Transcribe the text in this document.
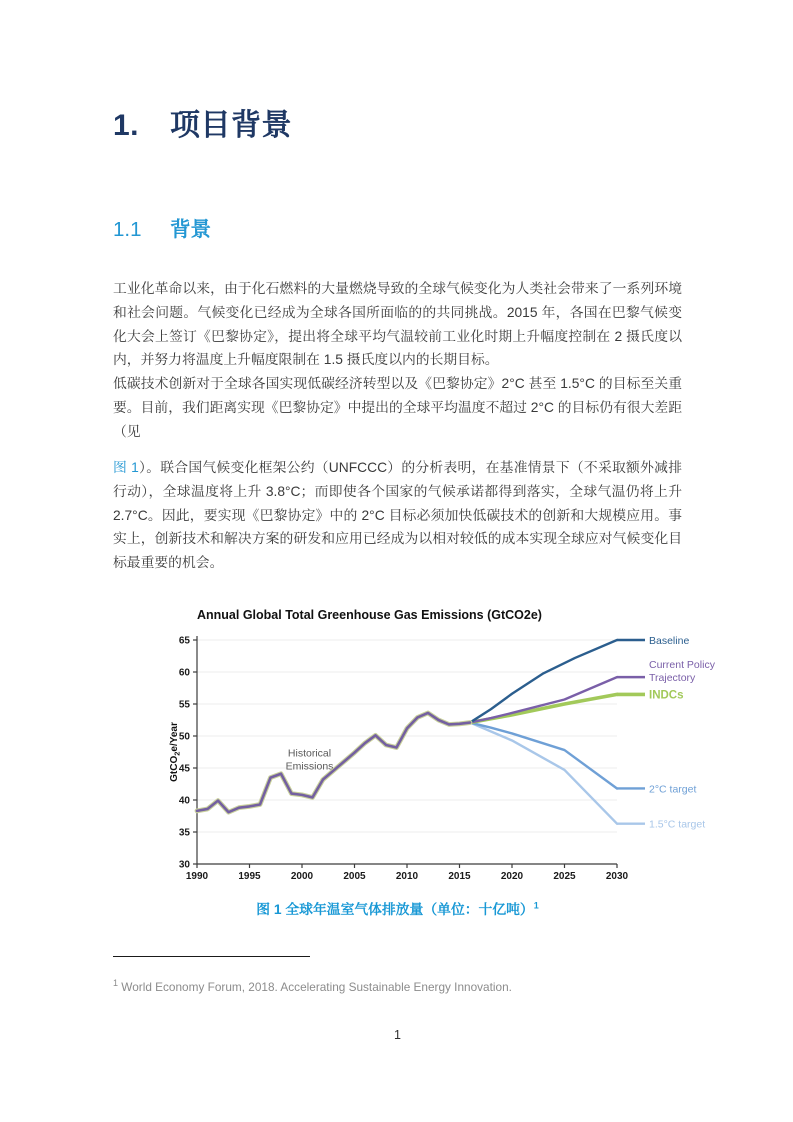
1. 项目背景
1.1 背景

工业化革命以来，由于化石燃料的大量燃烧导致的全球气候变化为人类社会带来了一系列环境和社会问题。气候变化已经成为全球各国所面临的的共同挑战。2015 年，各国在巴黎气候变化大会上签订《巴黎协定》，提出将全球平均气温较前工业化时期上升幅度控制在 2 摄氏度以内，并努力将温度上升幅度限制在 1.5 摄氏度以内的长期目标。

低碳技术创新对于全球各国实现低碳经济转型以及《巴黎协定》2°C 甚至 1.5°C 的目标至关重要。目前，我们距离实现《巴黎协定》中提出的全球平均温度不超过 2°C 的目标仍有很大差距（见

图 1）。联合国气候变化框架公约（UNFCCC）的分析表明，在基准情景下（不采取额外减排行动），全球温度将上升 3.8°C；而即使各个国家的气候承诺都得到落实，全球气温仍将上升 2.7°C。因此，要实现《巴黎协定》中的 2°C 目标必须加快低碳技术的创新和大规模应用。事实上，创新技术和解决方案的研发和应用已经成为以相对较低的成本实现全球应对气候变化目标最重要的机会。

30
35
40
45
50
55
60
65
1990	1995	2000	2005	2010	2015	2020	2025	2030
Annual Global Total Greenhouse Gas Emissions (GtCO2e)
GtCO$_2$e/Year
Historical
Emissions
1.5°C target
2°C target
INDCs
Current Policy
Trajectory
Baseline

图 1 全球年温室气体排放量（单位：十亿吨）$^1$

$^1$ World Economy Forum, 2018. Accelerating Sustainable Energy Innovation.
1
